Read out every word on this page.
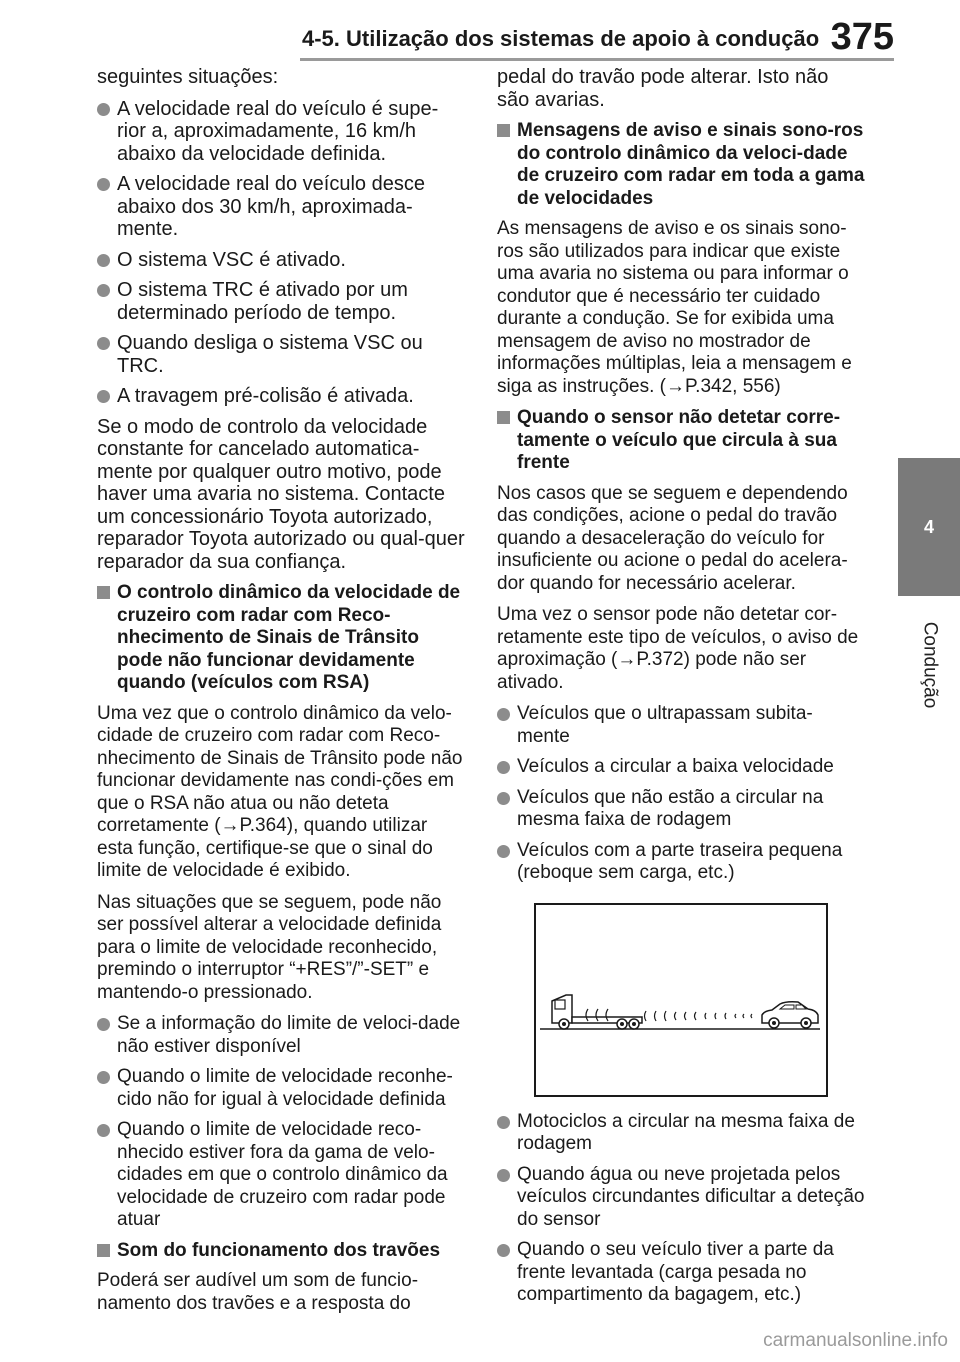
4-5. Utilização dos sistemas de apoio à condução 375
4
Condução

seguintes situações:

A velocidade real do veículo é supe-rior a, aproximadamente, 16 km/h abaixo da velocidade definida.
A velocidade real do veículo desce abaixo dos 30 km/h, aproximada-mente.
O sistema VSC é ativado.
O sistema TRC é ativado por um determinado período de tempo.
Quando desliga o sistema VSC ou TRC.
A travagem pré-colisão é ativada.

Se o modo de controlo da velocidade constante for cancelado automatica-mente por qualquer outro motivo, pode haver uma avaria no sistema. Contacte um concessionário Toyota autorizado, reparador Toyota autorizado ou qual-quer reparador da sua confiança.

O controlo dinâmico da velocidade de cruzeiro com radar com Reco-nhecimento de Sinais de Trânsito pode não funcionar devidamente quando (veículos com RSA)

Uma vez que o controlo dinâmico da velo-cidade de cruzeiro com radar com Reco-nhecimento de Sinais de Trânsito pode não funcionar devidamente nas condi-ções em que o RSA não atua ou não deteta corretamente (→P.364), quando utilizar esta função, certifique-se que o sinal do limite de velocidade é exibido.

Nas situações que se seguem, pode não ser possível alterar a velocidade definida para o limite de velocidade reconhecido, premindo o interruptor “+RES”/”-SET” e mantendo-o pressionado.

Se a informação do limite de veloci-dade não estiver disponível
Quando o limite de velocidade reconhe-cido não for igual à velocidade definida
Quando o limite de velocidade reco-nhecido estiver fora da gama de velo-cidades em que o controlo dinâmico da velocidade de cruzeiro com radar pode atuar
Som do funcionamento dos travões

Poderá ser audível um som de funcio-namento dos travões e a resposta do

pedal do travão pode alterar. Isto não são avarias.

Mensagens de aviso e sinais sono-ros do controlo dinâmico da veloci-dade de cruzeiro com radar em toda a gama de velocidades

As mensagens de aviso e os sinais sono-ros são utilizados para indicar que existe uma avaria no sistema ou para informar o condutor que é necessário ter cuidado durante a condução. Se for exibida uma mensagem de aviso no mostrador de informações múltiplas, leia a mensagem e siga as instruções. (→P.342, 556)

Quando o sensor não detetar corre-tamente o veículo que circula à sua frente

Nos casos que se seguem e dependendo das condições, acione o pedal do travão quando a desaceleração do veículo for insuficiente ou acione o pedal do acelera-dor quando for necessário acelerar.

Uma vez o sensor pode não detetar cor-retamente este tipo de veículos, o aviso de aproximação (→P.372) pode não ser ativado.

Veículos que o ultrapassam subita-mente
Veículos a circular a baixa velocidade
Veículos que não estão a circular na mesma faixa de rodagem
Veículos com a parte traseira pequena (reboque sem carga, etc.)
Motociclos a circular na mesma faixa de rodagem
Quando água ou neve projetada pelos veículos circundantes dificultar a deteção do sensor
Quando o seu veículo tiver a parte da frente levantada (carga pesada no compartimento da bagagem, etc.)
carmanualsonline.info
